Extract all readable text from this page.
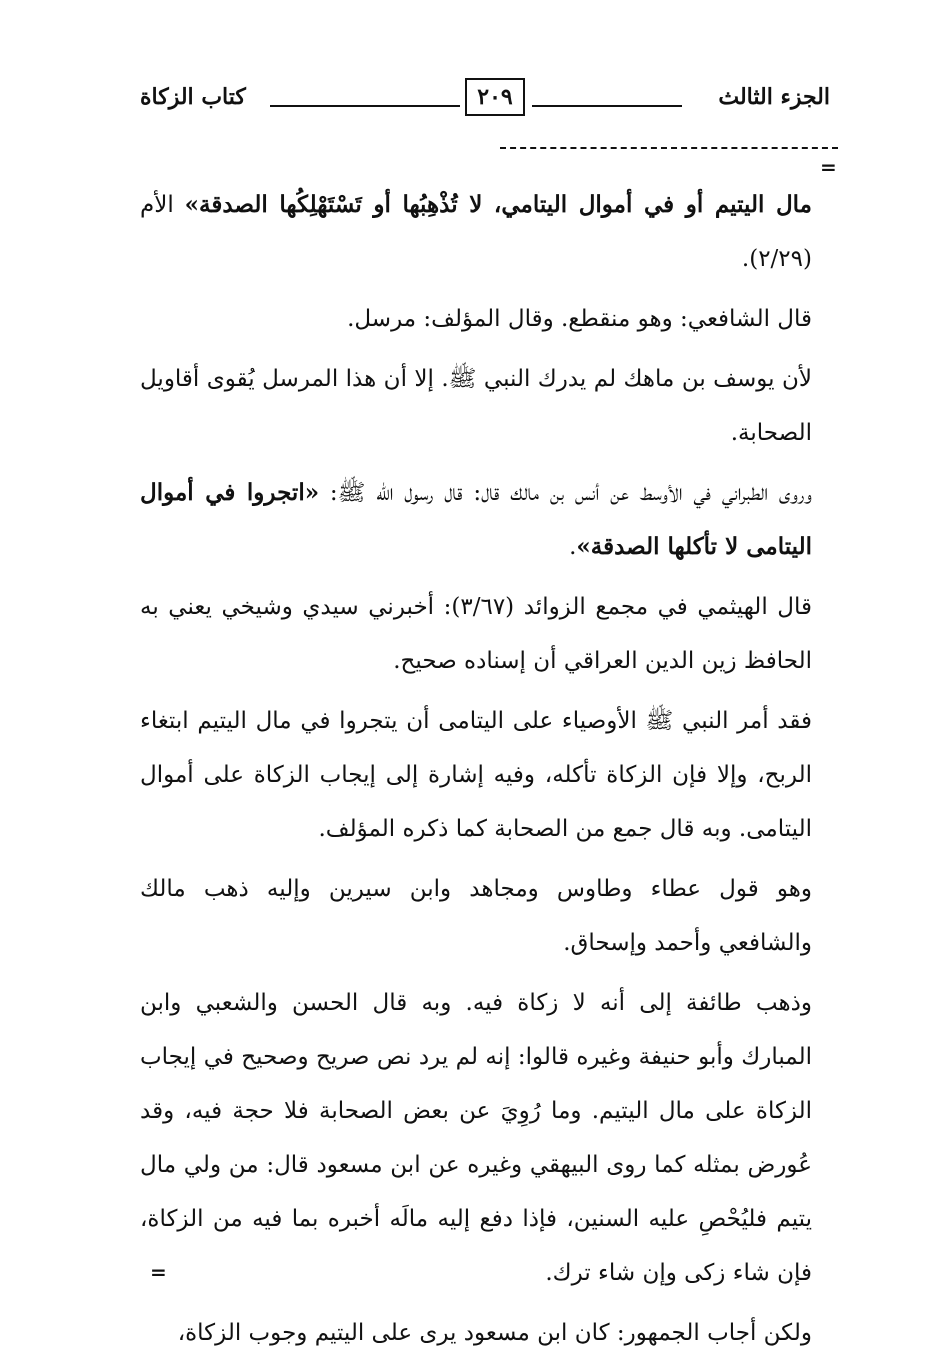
الجزء الثالث
٢٠٩
كتاب الزكاة
=

مال اليتيم أو في أموال اليتامي، لا تُذْهِبُها أو تَسْتَهْلِكُها الصدقة» الأم (٢/٢٩).

قال الشافعي: وهو منقطع. وقال المؤلف: مرسل.

لأن يوسف بن ماهك لم يدرك النبي ﷺ. إلا أن هذا المرسل يُقوى أقاويل الصحابة.

وروى الطبراني في الأوسط عن أنس بن مالك قال: قال رسول الله ﷺ: «اتجروا في أموال اليتامى لا تأكلها الصدقة».

قال الهيثمي في مجمع الزوائد (٣/٦٧): أخبرني سيدي وشيخي يعني به الحافظ زين الدين العراقي أن إسناده صحيح.

فقد أمر النبي ﷺ الأوصياء على اليتامى أن يتجروا في مال اليتيم ابتغاء الربح، وإلا فإن الزكاة تأكله، وفيه إشارة إلى إيجاب الزكاة على أموال اليتامى. وبه قال جمع من الصحابة كما ذكره المؤلف.

وهو قول عطاء وطاوس ومجاهد وابن سيرين وإليه ذهب مالك والشافعي وأحمد وإسحاق.

وذهب طائفة إلى أنه لا زكاة فيه. وبه قال الحسن والشعبي وابن المبارك وأبو حنيفة وغيره قالوا: إنه لم يرد نص صريح وصحيح في إيجاب الزكاة على مال اليتيم. وما رُوِيَ عن بعض الصحابة فلا حجة فيه، وقد عُورض بمثله كما روى البيهقي وغيره عن ابن مسعود قال: من ولي مال يتيم فليُحْصِ عليه السنين، فإذا دفع إليه مالَه أخبره بما فيه من الزكاة، فإن شاء زكى وإن شاء ترك.

ولكن أجاب الجمهور: كان ابن مسعود يرى على اليتيم وجوب الزكاة،

=
